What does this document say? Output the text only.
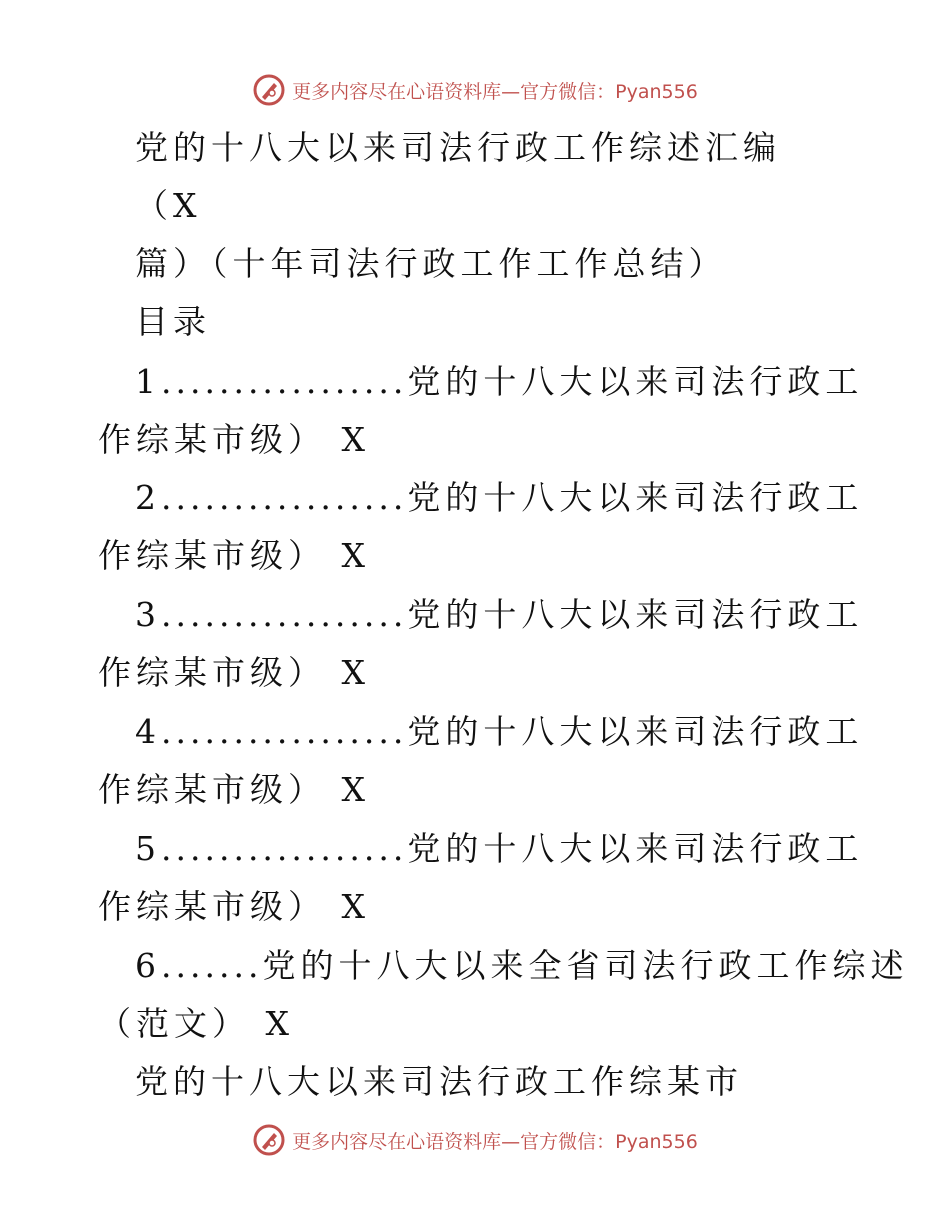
更多内容尽在心语资料库—官方微信：Pyan556
党的十八大以来司法行政工作综述汇编
（X
篇）（十年司法行政工作工作总结）
目录
1.................党的十八大以来司法行政工
作综某市级） X
2.................党的十八大以来司法行政工
作综某市级） X
3.................党的十八大以来司法行政工
作综某市级） X
4.................党的十八大以来司法行政工
作综某市级） X
5.................党的十八大以来司法行政工
作综某市级） X
6.......党的十八大以来全省司法行政工作综述
（范文） X
党的十八大以来司法行政工作综某市
更多内容尽在心语资料库—官方微信：Pyan556
